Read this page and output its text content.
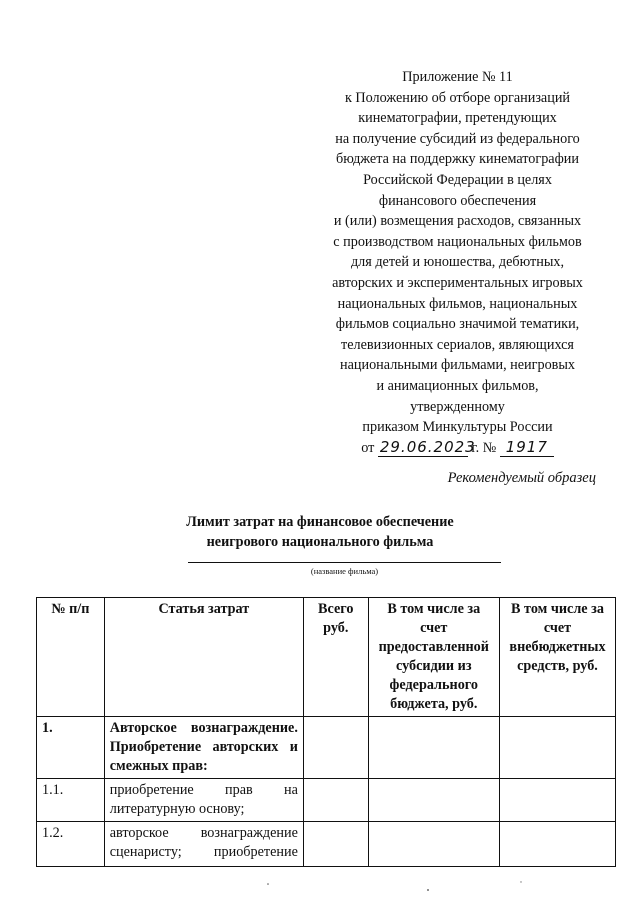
Приложение № 11
к Положению об отборе организаций
кинематографии, претендующих
на получение субсидий из федерального
бюджета на поддержку кинематографии
Российской Федерации в целях
финансового обеспечения
и (или) возмещения расходов, связанных
с производством национальных фильмов
для детей и юношества, дебютных,
авторских и экспериментальных игровых
национальных фильмов, национальных
фильмов социально значимой тематики,
телевизионных сериалов, являющихся
национальными фильмами, неигровых
и анимационных фильмов,
утвержденному
приказом Минкультуры России
от 29.06.2023 г. № 1917
Рекомендуемый образец
Лимит затрат на финансовое обеспечение
неигрового национального фильма
(название фильма)
№ п/п	Статья затрат	Всего руб.	В том числе за счет предоставленной субсидии из федерального бюджета, руб.	В том числе за счет внебюджетных средств, руб.
1.	Авторское вознаграждение. Приобретение авторских и смежных прав:			
1.1.	приобретение прав на литературную основу;			
1.2.	авторское вознаграждение сценаристу; приобретение			
